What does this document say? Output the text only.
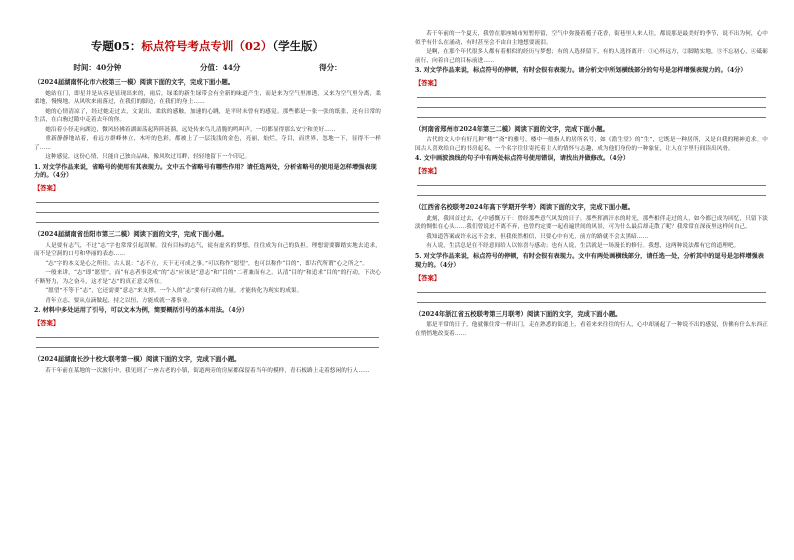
专题05：标点符号考点专训（02）（学生版）
时间：40分钟	分值：44分	得分：
（2024届湖南怀化市六校第三一模）阅读下面的文字，完成下面小题。

她站在门，即星并是从容是显现出来的，雨后，绿柔的新生绿带会有全新的味道产生，而是来为空气里渗透，又来为空气里分离，柔柔地，慢慢地，从风吹来雨落过，在我们的脚边，在我们的身上……

她的心情清凉了，经过她走过去，文说出，柔软的感触，加速的心跳，是平时未曾有的感觉。那些都是一张一张的纸张，还有日常的生活，在白驹过隙中走着去年的你。

她沿着小径走向湖边，微风轻拂着湖面荡起阵阵涟漪，远处传来鸟儿清脆的鸣叫声，一切都显得那么安宁和美好……

重新静静地站着，看远方群峰林立，木叶的色彩，都被上了一层浅浅的金色，亮丽，灿烂，夺目，而世界，忽地一下，显得不一样了……

这种感觉，这份心情，只能自己独自品味，像风吹过耳畔，轻轻地留下一个印记。

1. 对文学作品来说，省略号的使用有其表现力。文中五个省略号有哪些作用？请任选两处，分析省略号的使用是怎样增强表现力的。（4分）
【答案】
（2024届湖南省岳阳市第三二模）阅读下面的文字，完成下面小题。

人是要有志气，不过“志”字也常常引起误解。没有目标的志气，徒有虚名的梦想，往往成为自己的负担。理想需要脚踏实地去追求，而不是空洞的口号和华丽的表态……

“志”字的本义是心之所往。古人说：“志不立，天下无可成之事。”可以称作“愿望”，也可以称作“目的”，即古代所谓“心之所之”。

一般来讲，“志”即“愿望”，而“有志者事竟成”的“志”应该是“意志”和“目的”二者兼而有之。认清“目的”和追求“目的”的行动，下决心不断努力，为之奋斗，这才是“志”的真正意义所在。

“愿望”不等于“志”，它还需要“意志”来支撑，一个人的“志”要有行动的力量，才能转化为现实的成果。

青年立志，要从点滴做起，持之以恒，方能成就一番事业。

2. 材料中多处运用了引号，可以文本为例，简要概括引号的基本用法。（4分）
【答案】
（2024届湖南长沙十校大联考第一模）阅读下面的文字，完成下面小题。

若干年前在某地的一次旅行中，我见到了一座古老的小镇，街道两旁的房屋都保留着当年的模样，青石板路上走着悠闲的行人……

若干年前的一个夏天，我曾在那座城市短暂停留，空气中弥漫着栀子花香，街巷里人来人往，都说那是最美好的季节，说不出为何，心中似乎有什么在涌动，有时甚至会不由自主地想要流泪。

是啊，在那个年代很多人都有着相似的经历与梦想；有的人选择留下，有的人选择离开：①心怀远方，②脚踏实地，③不忘初心，④砥砺前行，向着自己的目标前进……

3. 对文学作品来说，标点符号的停顿，有时会很有表现力。请分析文中所划横线部分的句号是怎样增强表现力的。（4分）
【答案】
（河南省郑州市2024年第三二模）阅读下面的文字，完成下面小题。

古代的文人中有好几种“楼”“斋”的雅号，楼中一般指人的居所名号，如《澹生堂》的“生”，它既是一种居所，又是自我的精神追求。中国古人喜欢给自己的书房起名，一个名字往往寄托着主人的情怀与志趣，成为他们身份的一种象征，让人在字里行间读出风骨。

4. 文中画波浪线的句子中有两处标点符号使用错误，请找出并做修改。（4分）
【答案】
（江西省名校联考2024年高下学期开学考）阅读下面的文字，完成下面小题。

此刻，我回首过去，心中感慨万千：曾经那些意气风发的日子，那些挥洒汗水的时光，那些相伴走过的人，如今都已成为回忆，只留下淡淡的惆怅在心头……我们曾说过不离不弃，也曾约定要一起看遍世间的风景，可为什么最后却走散了呢？我常常在深夜里这样问自己。

我知道答案或许永远不会来，但我依然相信，只要心中有光，前方的路就不会太黑暗……

有人说，生活总是在不经意间给人以惊喜与感动；也有人说，生活就是一场漫长的修行。我想，这两种说法都有它的道理吧。

5. 对文学作品来说，标点符号的停顿，有时会很有表现力。文中有两处画横线部分，请任选一处，分析其中的逗号是怎样增强表现力的。（4分）
【答案】
（2024年浙江省五校联考第三月联考）阅读下面的文字，完成下面小题。

那是平常的日子，他就像往常一样出门，走在熟悉的街道上，看着来来往往的行人，心中却涌起了一种说不出的感觉，仿佛有什么东西正在悄悄地改变着……
